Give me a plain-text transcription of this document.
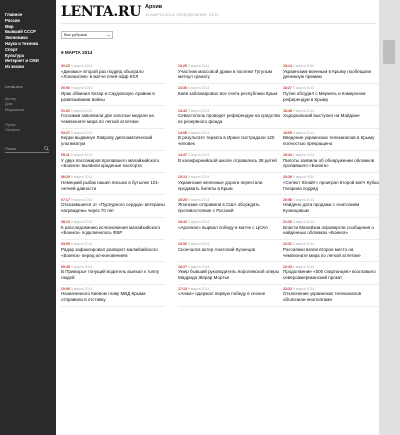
Главное
Россия
Мир
Бывший СССР
Экономика
Наука и техника
Спорт
Культура
Интернет и СМИ
Из жизни
Lenta.doc
Мотор
Дом
Медиатека
Путин
Галерея
Поиск
LENTA.RU Архив
10 МАРТА 2014, ПОНЕДЕЛЬНИК, 13:11
Все рубрики
9 МАРТА 2014
00:22 9 марта 2014
«Динамо» второй раз подряд обыграло «Локомотив» в матче плей-офф КХЛ
00:50 9 марта 2014
Ирак обвинил Катар и Саудовскую Аравию в развязывании войны
01:02 9 марта 2014
Госсимки завоевали две золотые медали на чемпионате мира по легкой атлетике
03:27 9 марта 2014
Керри выдвинул Лаврову дипломатический ультиматум
05:11 9 марта 2014
У двух пассажиров пропавшего малайзийского «Боинга» выявили краденые паспорта
06:20 9 марта 2014
Немецкий рыбак нашел письмо в бутылке 101-летней давности
07:17 9 марта 2014
Отказавшиеся от «Пурпурного сердца» ветераны награждены через 70 лет
08:13 9 марта 2014
К расследованию исчезновения малайзийского «Боинга» подключилось ФБР
09:05 9 марта 2014
Радар зафиксировал разворот малайзийского «Боинга» перед исчезновением
09:45 9 марта 2014
В Приморье тонущий водитель выехал к толпу людей
10:06 9 марта 2014
Назначенного Киевом главу МВД Крыма отправили в отставку
13:25 9 марта 2014
Участник массовой драки в поселке Тугулым метнул гранату
13:36 9 марта 2014
Киев заблокировал все счета республики Крым
13:42 9 марта 2014
Севастополь проведет референдум на средства из резервного фонда
14:08 9 марта 2014
В результате теракта в Ираке пострадали 120 человек
14:47 9 марта 2014
В калифорнийской школе отравились 38 детей
15:14 9 марта 2014
Украинские железные дороги перестали продавать билеты в Крым
15:25 9 марта 2014
Японские отправили в США обсуждать противостояние с Россией
15:42 9 марта 2014
«Арсенал» вырвал победу в матче с ЦСКА
15:50 9 марта 2014
Скончался актер Анатолий Кузнецов
16:27 9 марта 2014
Умер бывший руководитель Королевской оперы Мадрида Жерар Мортье
17:15 9 марта 2014
«Анжи» одержал первую победу в сезоне
18:14 9 марта 2014
Украинским военным в Крыму пообещали денежную премию
18:27 9 марта 2014
Путин обсудил с Меркель и Кэмероном референдум в Крыму
18:48 9 марта 2014
Ходорковский выступил на Майдане
18:55 9 марта 2014
Введение украинских телеканалов в Крыму полностью прекращено
19:44 9 марта 2014
Пилоты заявили об обнаружении обломков пропавшего «Боинга»
20:26 9 марта 2014
«Селект Юнайт» проиграл второй матч Кубка Гагарина подряд
20:56 9 марта 2014
Найдено дата продажи с Анатолием Кузнецовым
21:20 9 марта 2014
Власти Малайзии опровергли сообщения о найденных обломках «Боинга»
22:31 9 марта 2014
Россиянки взяли второе место на чемпионате мира по легкой атлетике
22:43 9 марта 2014
Продолжение «500 спартанцев» возглавило североамериканский прокат
23:23 9 марта 2014
Отключение украинских телеканалов объяснили неоплатами
